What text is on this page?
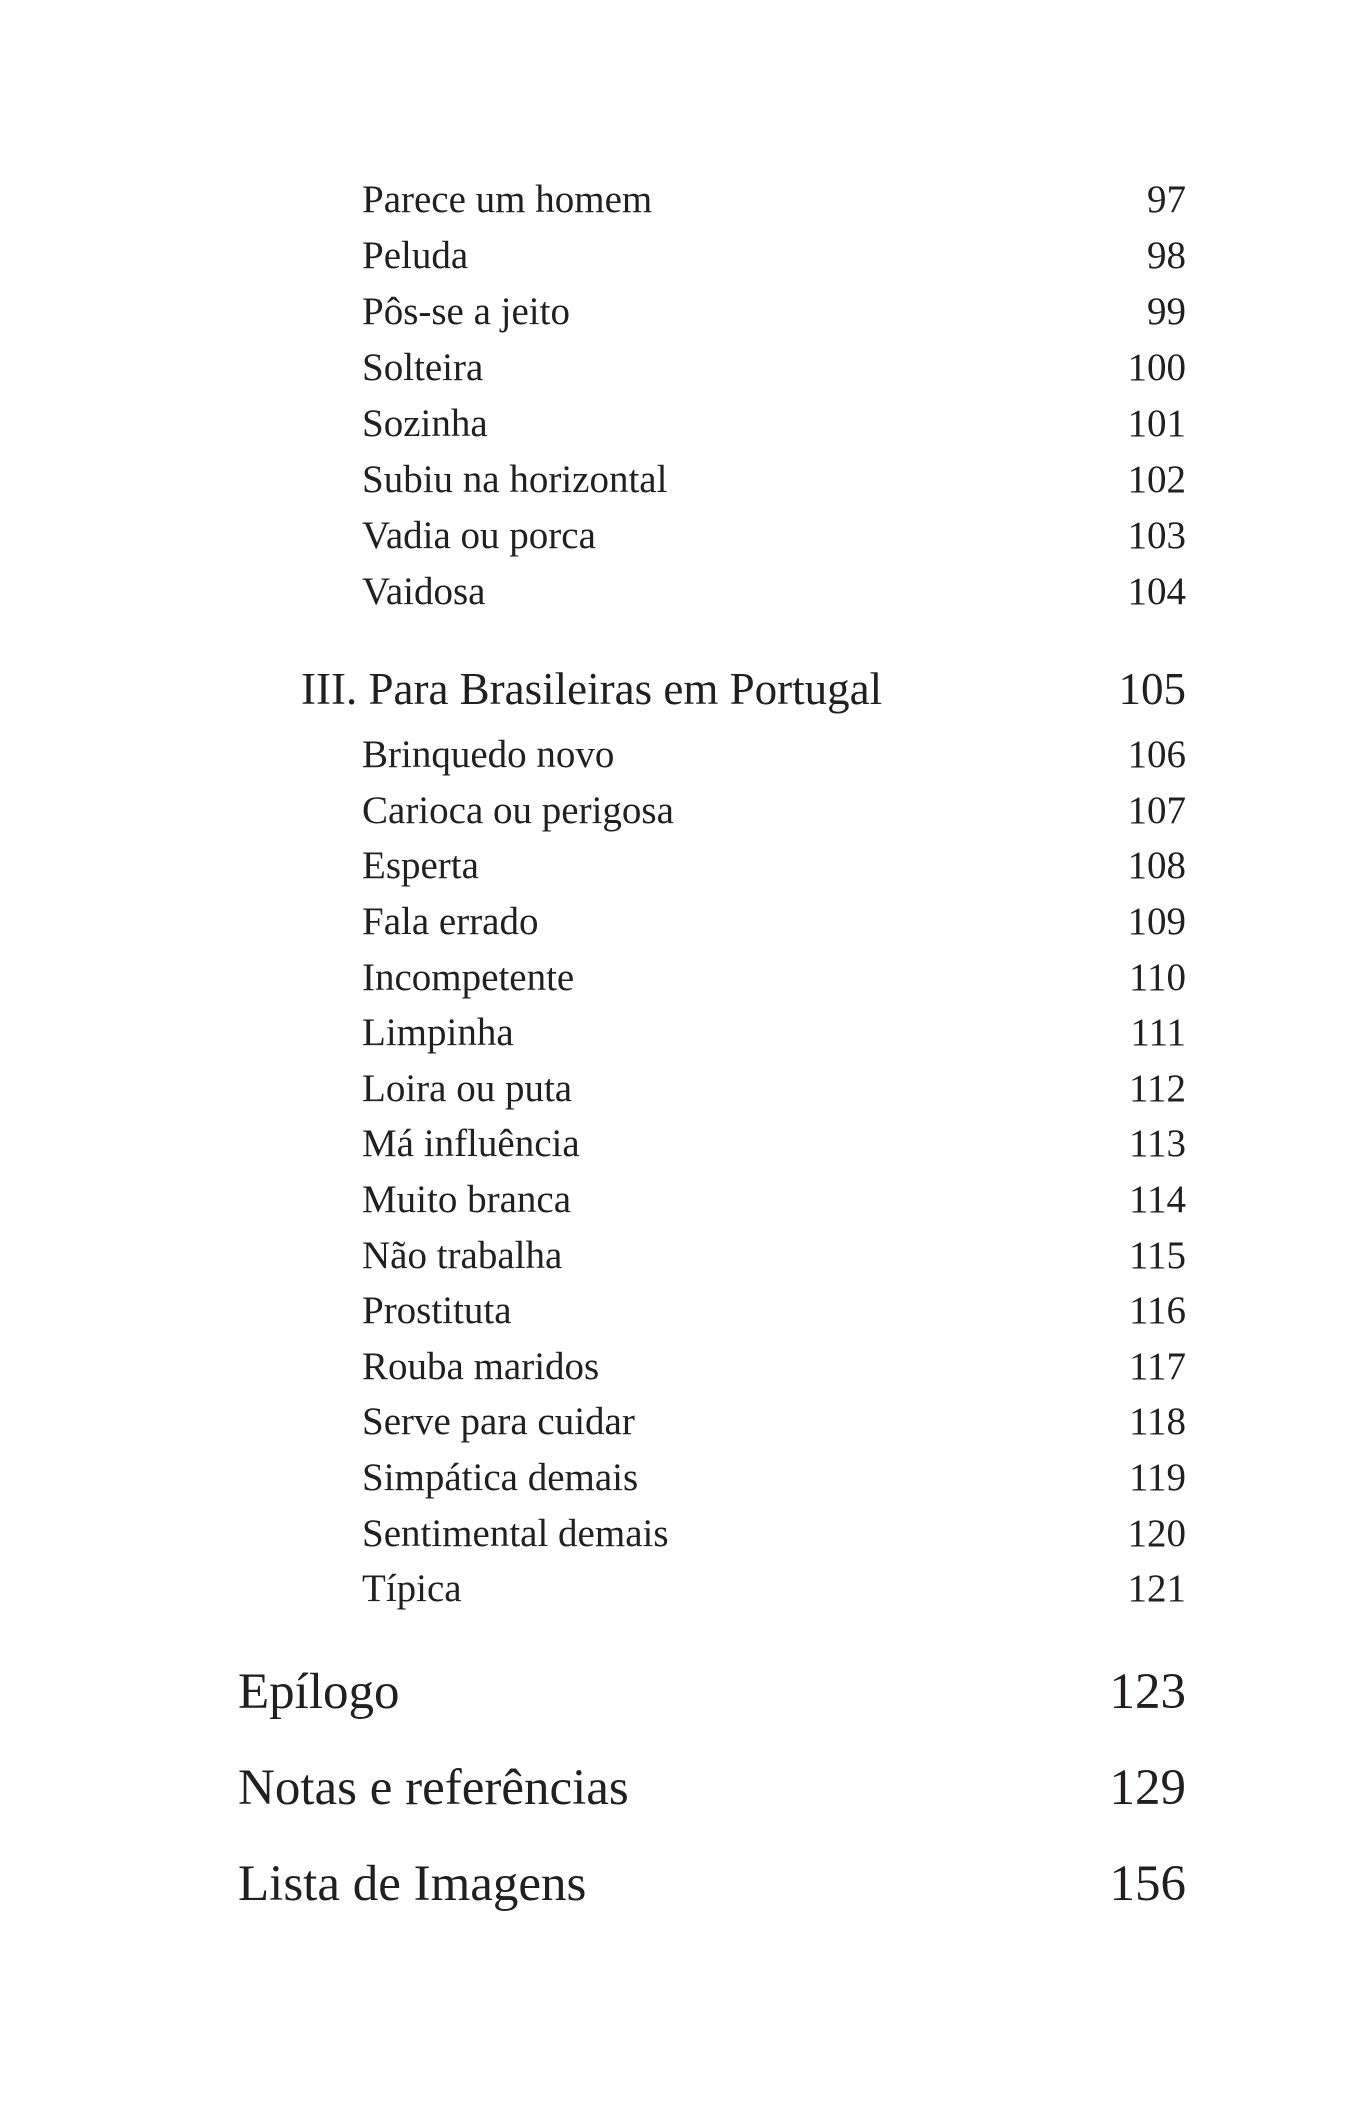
Parece um homem	97
Peluda	98
Pôs-se a jeito	99
Solteira	100
Sozinha	101
Subiu na horizontal	102
Vadia ou porca	103
Vaidosa	104
III. Para Brasileiras em Portugal	105
Brinquedo novo	106
Carioca ou perigosa	107
Esperta	108
Fala errado	109
Incompetente	110
Limpinha	111
Loira ou puta	112
Má influência	113
Muito branca	114
Não trabalha	115
Prostituta	116
Rouba maridos	117
Serve para cuidar	118
Simpática demais	119
Sentimental demais	120
Típica	121
Epílogo	123
Notas e referências	129
Lista de Imagens	156
